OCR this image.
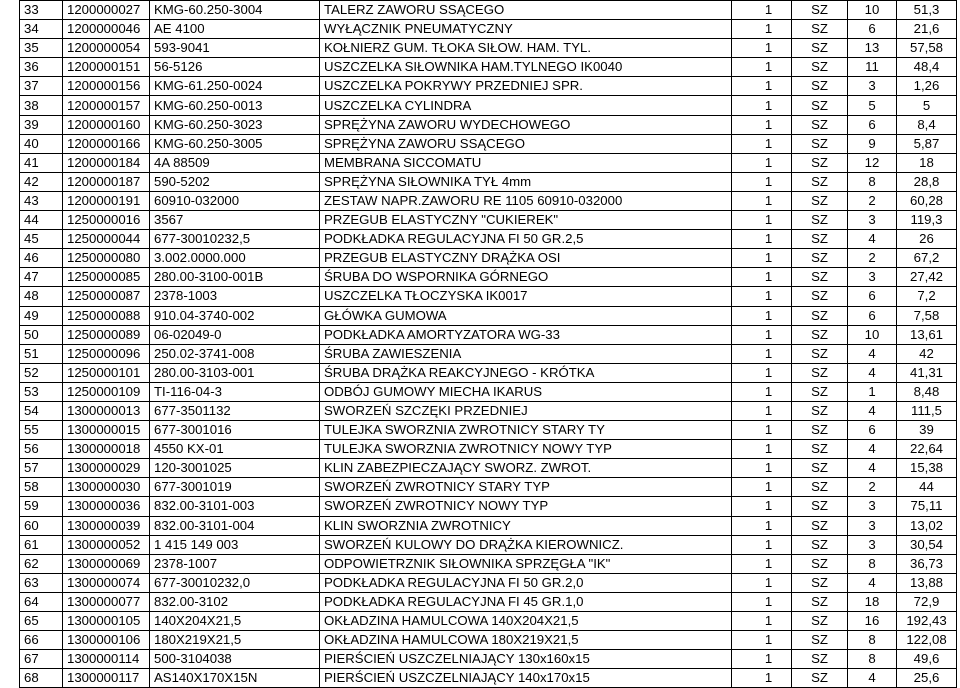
33	1200000027	KMG-60.250-3004	TALERZ ZAWORU SSĄCEGO	1	SZ	10	51,3
34	1200000046	AE 4100	WYŁĄCZNIK PNEUMATYCZNY	1	SZ	6	21,6
35	1200000054	593-9041	KOŁNIERZ GUM. TŁOKA SIŁOW. HAM. TYL.	1	SZ	13	57,58
36	1200000151	56-5126	USZCZELKA SIŁOWNIKA HAM.TYLNEGO IK0040	1	SZ	11	48,4
37	1200000156	KMG-61.250-0024	USZCZELKA POKRYWY PRZEDNIEJ SPR.	1	SZ	3	1,26
38	1200000157	KMG-60.250-0013	USZCZELKA CYLINDRA	1	SZ	5	5
39	1200000160	KMG-60.250-3023	SPRĘŻYNA ZAWORU WYDECHOWEGO	1	SZ	6	8,4
40	1200000166	KMG-60.250-3005	SPRĘŻYNA ZAWORU SSĄCEGO	1	SZ	9	5,87
41	1200000184	4A 88509	MEMBRANA SICCOMATU	1	SZ	12	18
42	1200000187	590-5202	SPRĘŻYNA SIŁOWNIKA TYŁ 4mm	1	SZ	8	28,8
43	1200000191	60910-032000	ZESTAW NAPR.ZAWORU RE 1105 60910-032000	1	SZ	2	60,28
44	1250000016	3567	PRZEGUB ELASTYCZNY "CUKIEREK"	1	SZ	3	119,3
45	1250000044	677-30010232,5	PODKŁADKA REGULACYJNA FI 50 GR.2,5	1	SZ	4	26
46	1250000080	3.002.0000.000	PRZEGUB ELASTYCZNY DRĄŻKA OSI	1	SZ	2	67,2
47	1250000085	280.00-3100-001B	ŚRUBA DO WSPORNIKA GÓRNEGO	1	SZ	3	27,42
48	1250000087	2378-1003	USZCZELKA TŁOCZYSKA IK0017	1	SZ	6	7,2
49	1250000088	910.04-3740-002	GŁÓWKA GUMOWA	1	SZ	6	7,58
50	1250000089	06-02049-0	PODKŁADKA AMORTYZATORA WG-33	1	SZ	10	13,61
51	1250000096	250.02-3741-008	ŚRUBA ZAWIESZENIA	1	SZ	4	42
52	1250000101	280.00-3103-001	ŚRUBA DRĄŻKA REAKCYJNEGO - KRÓTKA	1	SZ	4	41,31
53	1250000109	TI-116-04-3	ODBÓJ GUMOWY MIECHA IKARUS	1	SZ	1	8,48
54	1300000013	677-3501132	SWORZEŃ SZCZĘKI PRZEDNIEJ	1	SZ	4	111,5
55	1300000015	677-3001016	TULEJKA SWORZNIA ZWROTNICY STARY TY	1	SZ	6	39
56	1300000018	4550 KX-01	TULEJKA SWORZNIA ZWROTNICY NOWY TYP	1	SZ	4	22,64
57	1300000029	120-3001025	KLIN ZABEZPIECZAJĄCY SWORZ. ZWROT.	1	SZ	4	15,38
58	1300000030	677-3001019	SWORZEŃ ZWROTNICY STARY TYP	1	SZ	2	44
59	1300000036	832.00-3101-003	SWORZEŃ ZWROTNICY NOWY TYP	1	SZ	3	75,11
60	1300000039	832.00-3101-004	KLIN SWORZNIA ZWROTNICY	1	SZ	3	13,02
61	1300000052	1 415 149 003	SWORZEŃ KULOWY DO DRĄŻKA KIEROWNICZ.	1	SZ	3	30,54
62	1300000069	2378-1007	ODPOWIETRZNIK SIŁOWNIKA SPRZĘGŁA "IK"	1	SZ	8	36,73
63	1300000074	677-30010232,0	PODKŁADKA REGULACYJNA FI 50 GR.2,0	1	SZ	4	13,88
64	1300000077	832.00-3102	PODKŁADKA REGULACYJNA FI 45 GR.1,0	1	SZ	18	72,9
65	1300000105	140X204X21,5	OKŁADZINA HAMULCOWA 140X204X21,5	1	SZ	16	192,43
66	1300000106	180X219X21,5	OKŁADZINA HAMULCOWA 180X219X21,5	1	SZ	8	122,08
67	1300000114	500-3104038	PIERŚCIEŃ USZCZELNIAJĄCY 130x160x15	1	SZ	8	49,6
68	1300000117	AS140X170X15N	PIERŚCIEŃ USZCZELNIAJĄCY 140x170x15	1	SZ	4	25,6
